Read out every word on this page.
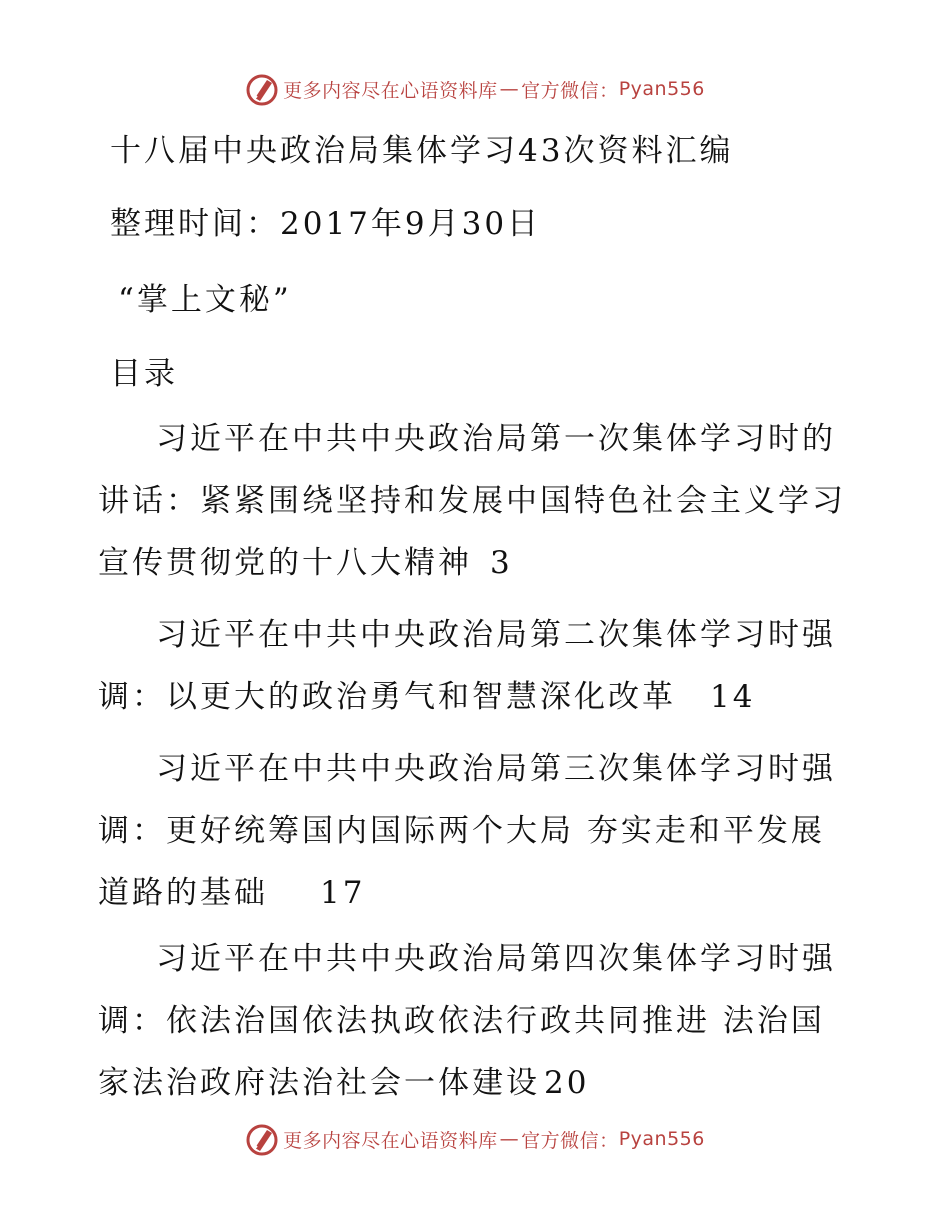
更多内容尽在心语资料库 — 官方微信： Pyan556
十八届中央政治局集体学习43次资料汇编
整理时间：2017年9月30日
“掌上文秘”
目录
习近平在中共中央政治局第一次集体学习时的讲话：紧紧围绕坚持和发展中国特色社会主义学习宣传贯彻党的十八大精神 3
习近平在中共中央政治局第二次集体学习时强调：以更大的政治勇气和智慧深化改革 14
习近平在中共中央政治局第三次集体学习时强调：更好统筹国内国际两个大局 夯实走和平发展道路的基础 17
习近平在中共中央政治局第四次集体学习时强调：依法治国依法执政依法行政共同推进 法治国家法治政府法治社会一体建设 20
更多内容尽在心语资料库 — 官方微信： Pyan556
